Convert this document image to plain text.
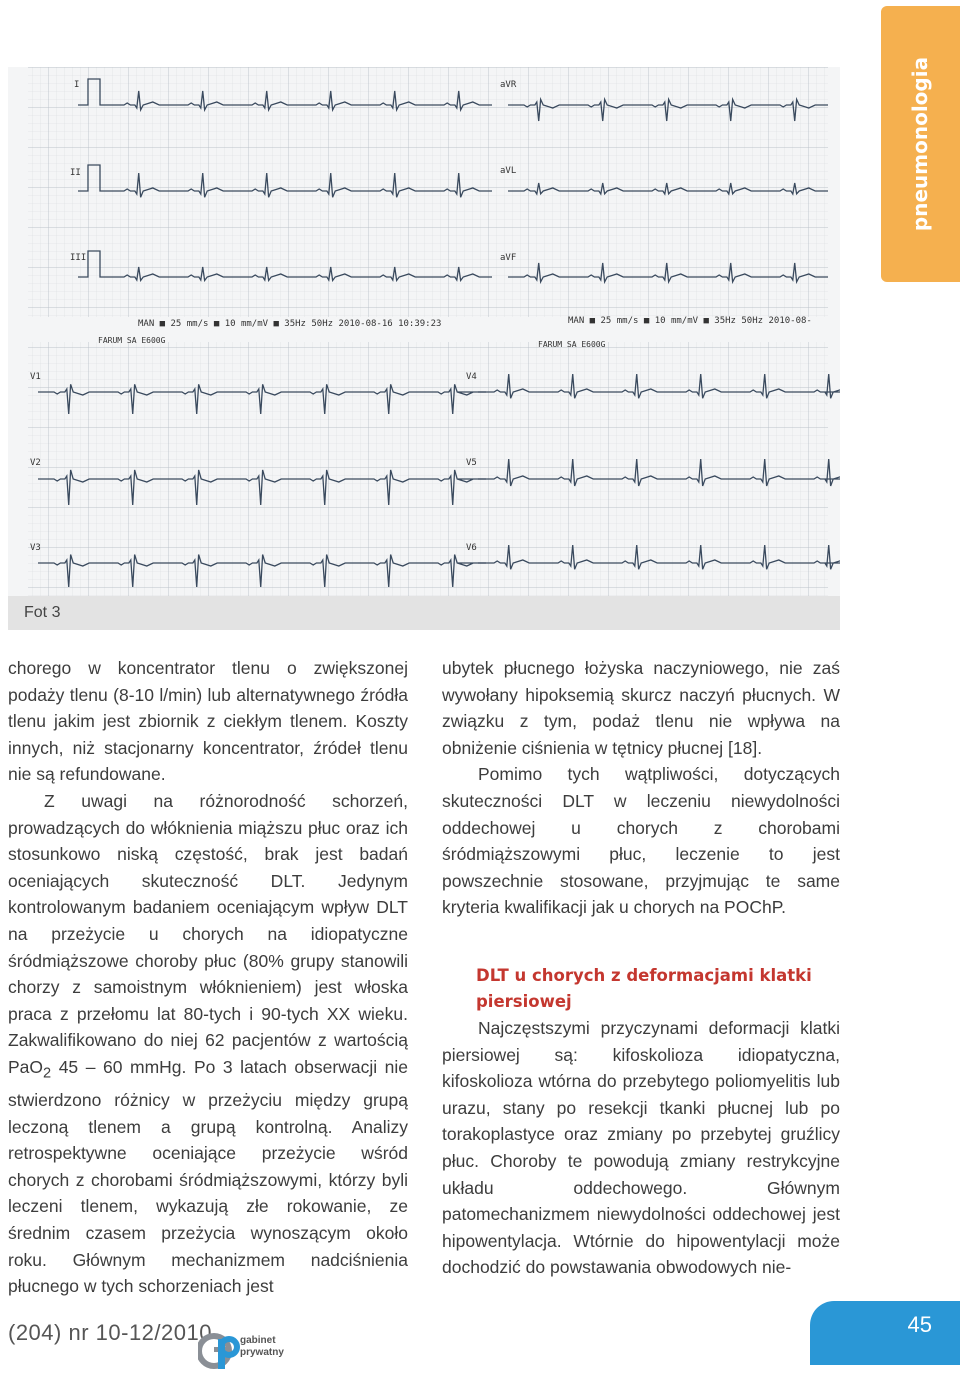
pneumonologia
I
II
III
aVR
aVL
aVF
V1
V2
V3
V4
V5
V6
MAN ■ 25 mm/s ■ 10 mm/mV ■ 35Hz 50Hz 2010-08-16 10:39:23	MAN ■ 25 mm/s ■ 10 mm/mV ■ 35Hz 50Hz 2010-08-
FARUM SA E600G	FARUM SA E600G
Fot 3

chorego w koncentrator tlenu o zwiększonej podaży tlenu (8-10 l/min) lub alternatywnego źródła tlenu jakim jest zbiornik z ciekłym tlenem. Koszty innych, niż stacjonarny koncentrator, źródeł tlenu nie są refundowane.

Z uwagi na różnorodność schorzeń, prowadzących do włóknienia miąższu płuc oraz ich stosunkowo niską częstość, brak jest badań oceniających skuteczność DLT. Jedynym kontrolowanym badaniem oceniającym wpływ DLT na przeżycie u chorych na idiopatyczne śródmiąższowe choroby płuc (80% grupy stanowili chorzy z samoistnym włóknieniem) jest włoska praca z przełomu lat 80-tych i 90-tych XX wieku. Zakwalifikowano do niej 62 pacjentów z wartością PaO$_2$ 45 – 60 mmHg. Po 3 latach obserwacji nie stwierdzono różnicy w przeżyciu między grupą leczoną tlenem a grupą kontrolną. Analizy retrospektywne oceniające przeżycie wśród chorych z chorobami śródmiąższowymi, którzy byli leczeni tlenem, wykazują złe rokowanie, ze średnim czasem przeżycia wynoszącym około roku. Głównym mechanizmem nadciśnienia płucnego w tych schorzeniach jest

ubytek płucnego łożyska naczyniowego, nie zaś wywołany hipoksemią skurcz naczyń płucnych. W związku z tym, podaż tlenu nie wpływa na obniżenie ciśnienia w tętnicy płucnej [18].

Pomimo tych wątpliwości, dotyczących skuteczności DLT w leczeniu niewydolności oddechowej u chorych z chorobami śródmiąższowymi płuc, leczenie to jest powszechnie stosowane, przyjmując te same kryteria kwalifikacji jak u chorych na POChP.

DLT u chorych z deformacjami klatki piersiowej

Najczęstszymi przyczynami deformacji klatki piersiowej są: kifoskolioza idiopatyczna, kifoskolioza wtórna do przebytego poliomyelitis lub urazu, stany po resekcji tkanki płucnej lub po torakoplastyce oraz zmiany po przebytej gruźlicy płuc. Choroby te powodują zmiany restrykcyjne układu oddechowego. Głównym patomechanizmem niewydolności oddechowej jest hipowentylacja. Wtórnie do hipowentylacji może dochodzić do powstawania obwodowych nie-

(204) nr 10-12/2010	gabinet
prywatny
45
